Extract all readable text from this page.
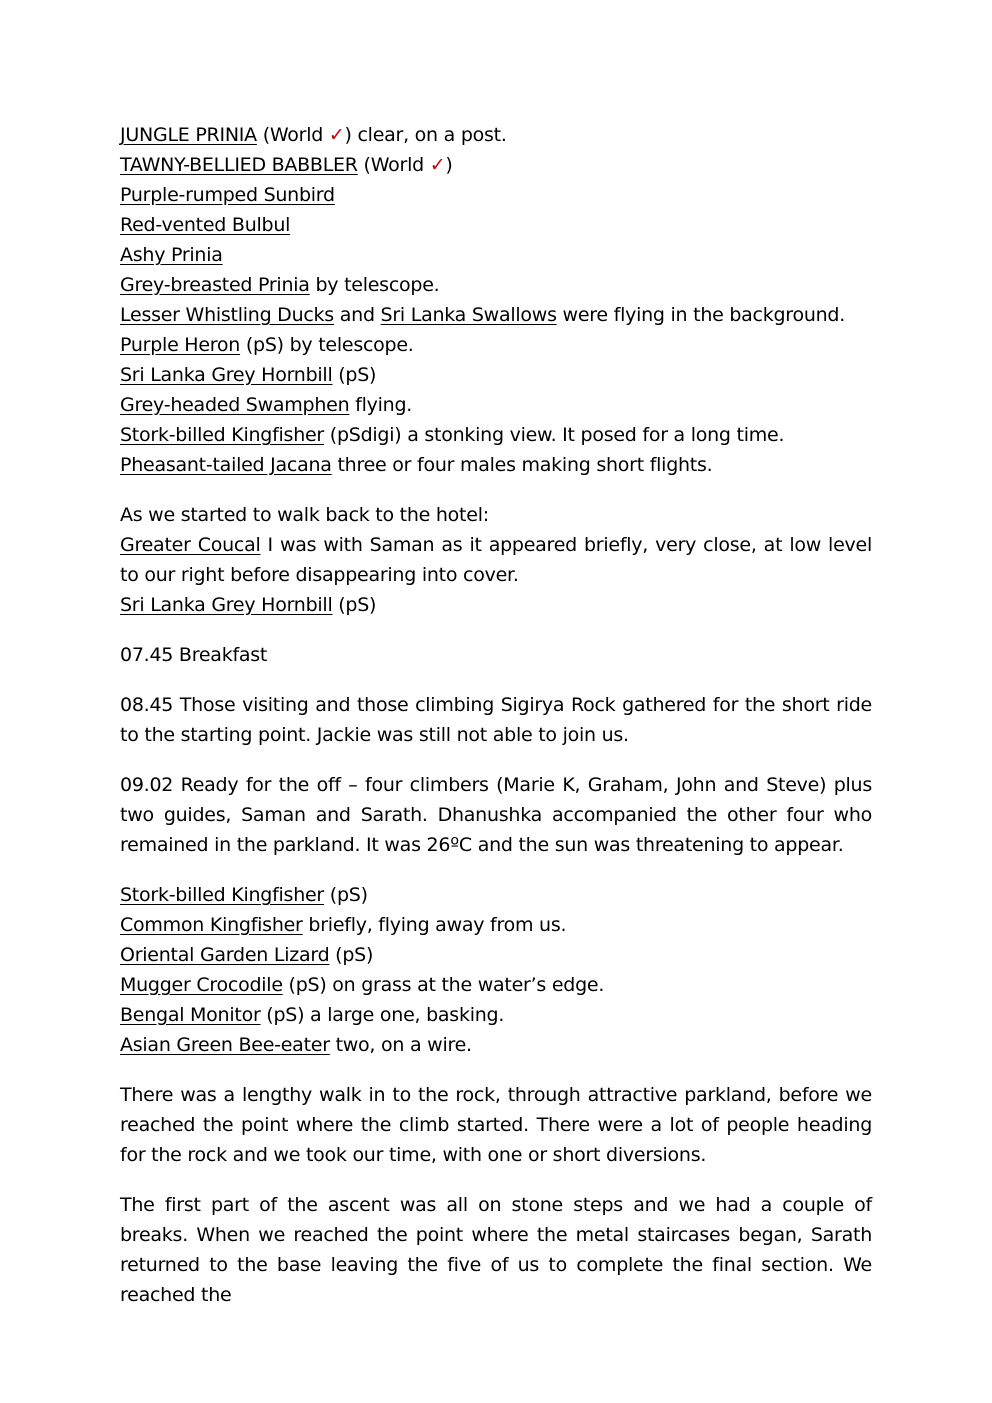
JUNGLE PRINIA (World ✓) clear, on a post.
TAWNY-BELLIED BABBLER (World ✓)
Purple-rumped Sunbird
Red-vented Bulbul
Ashy Prinia
Grey-breasted Prinia by telescope.
Lesser Whistling Ducks and Sri Lanka Swallows were flying in the background.
Purple Heron (pS) by telescope.
Sri Lanka Grey Hornbill (pS)
Grey-headed Swamphen flying.
Stork-billed Kingfisher (pSdigi) a stonking view. It posed for a long time.
Pheasant-tailed Jacana three or four males making short flights.
As we started to walk back to the hotel:
Greater Coucal I was with Saman as it appeared briefly, very close, at low level to our right before disappearing into cover.
Sri Lanka Grey Hornbill (pS)
07.45 Breakfast
08.45 Those visiting and those climbing Sigirya Rock gathered for the short ride to the starting point. Jackie was still not able to join us.
09.02 Ready for the off – four climbers (Marie K, Graham, John and Steve) plus two guides, Saman and Sarath. Dhanushka accompanied the other four who remained in the parkland. It was 26ºC and the sun was threatening to appear.
Stork-billed Kingfisher (pS)
Common Kingfisher briefly, flying away from us.
Oriental Garden Lizard (pS)
Mugger Crocodile (pS) on grass at the water’s edge.
Bengal Monitor (pS) a large one, basking.
Asian Green Bee-eater two, on a wire.
There was a lengthy walk in to the rock, through attractive parkland, before we reached the point where the climb started. There were a lot of people heading for the rock and we took our time, with one or short diversions.
The first part of the ascent was all on stone steps and we had a couple of breaks. When we reached the point where the metal staircases began, Sarath returned to the base leaving the five of us to complete the final section. We reached the
